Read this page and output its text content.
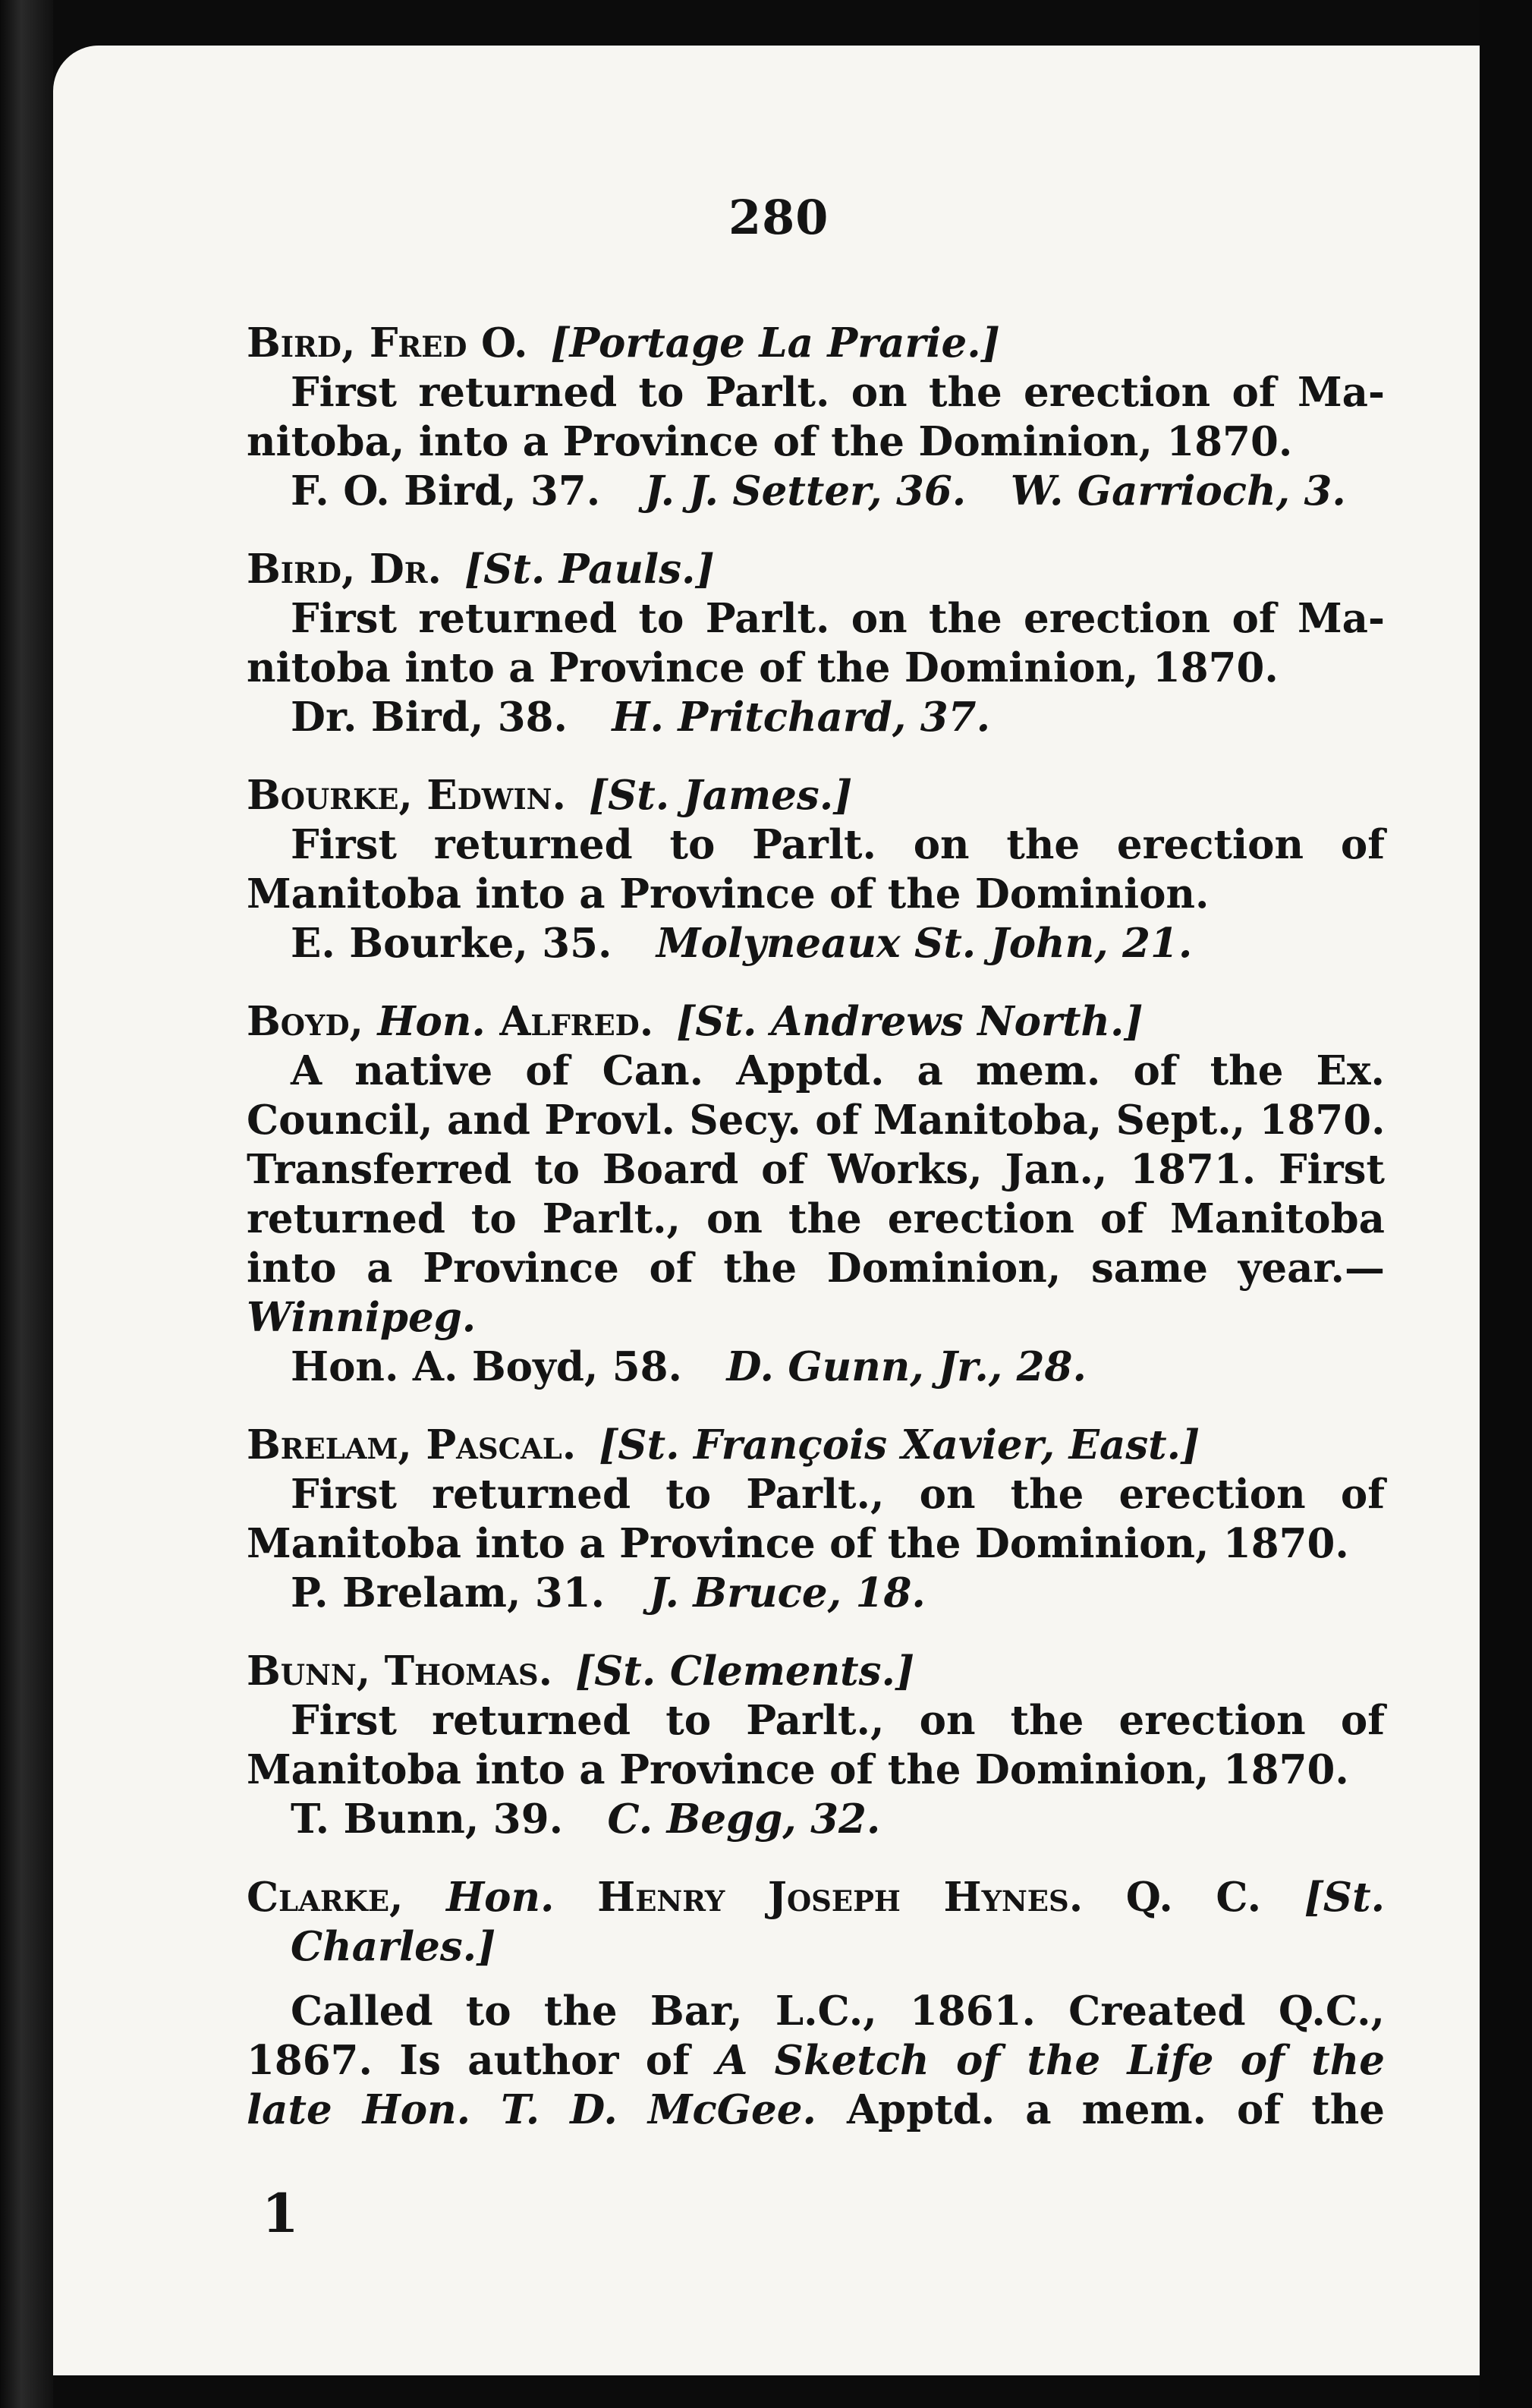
280
Bird, Fred O. [Portage La Prarie.]
First returned to Parlt. on the erection of Ma-
nitoba, into a Province of the Dominion, 1870.
F. O. Bird, 37. J. J. Setter, 36. W. Garrioch, 3.
Bird, Dr. [St. Pauls.]
First returned to Parlt. on the erection of Ma-
nitoba into a Province of the Dominion, 1870.
Dr. Bird, 38. H. Pritchard, 37.
Bourke, Edwin. [St. James.]
First returned to Parlt. on the erection of
Manitoba into a Province of the Dominion.
E. Bourke, 35. Molyneaux St. John, 21.
Boyd, Hon. Alfred. [St. Andrews North.]
A native of Can. Apptd. a mem. of the Ex.
Council, and Provl. Secy. of Manitoba, Sept., 1870.
Transferred to Board of Works, Jan., 1871. First
returned to Parlt., on the erection of Manitoba
into a Province of the Dominion, same year.—
Winnipeg.
Hon. A. Boyd, 58. D. Gunn, Jr., 28.
Brelam, Pascal. [St. François Xavier, East.]
First returned to Parlt., on the erection of
Manitoba into a Province of the Dominion, 1870.
P. Brelam, 31. J. Bruce, 18.
Bunn, Thomas. [St. Clements.]
First returned to Parlt., on the erection of
Manitoba into a Province of the Dominion, 1870.
T. Bunn, 39. C. Begg, 32.
Clarke, Hon. Henry Joseph Hynes. Q. C. [St.
Charles.]
Called to the Bar, L.C., 1861. Created Q.C.,
1867. Is author of A Sketch of the Life of the
late Hon. T. D. McGee. Apptd. a mem. of the
1
